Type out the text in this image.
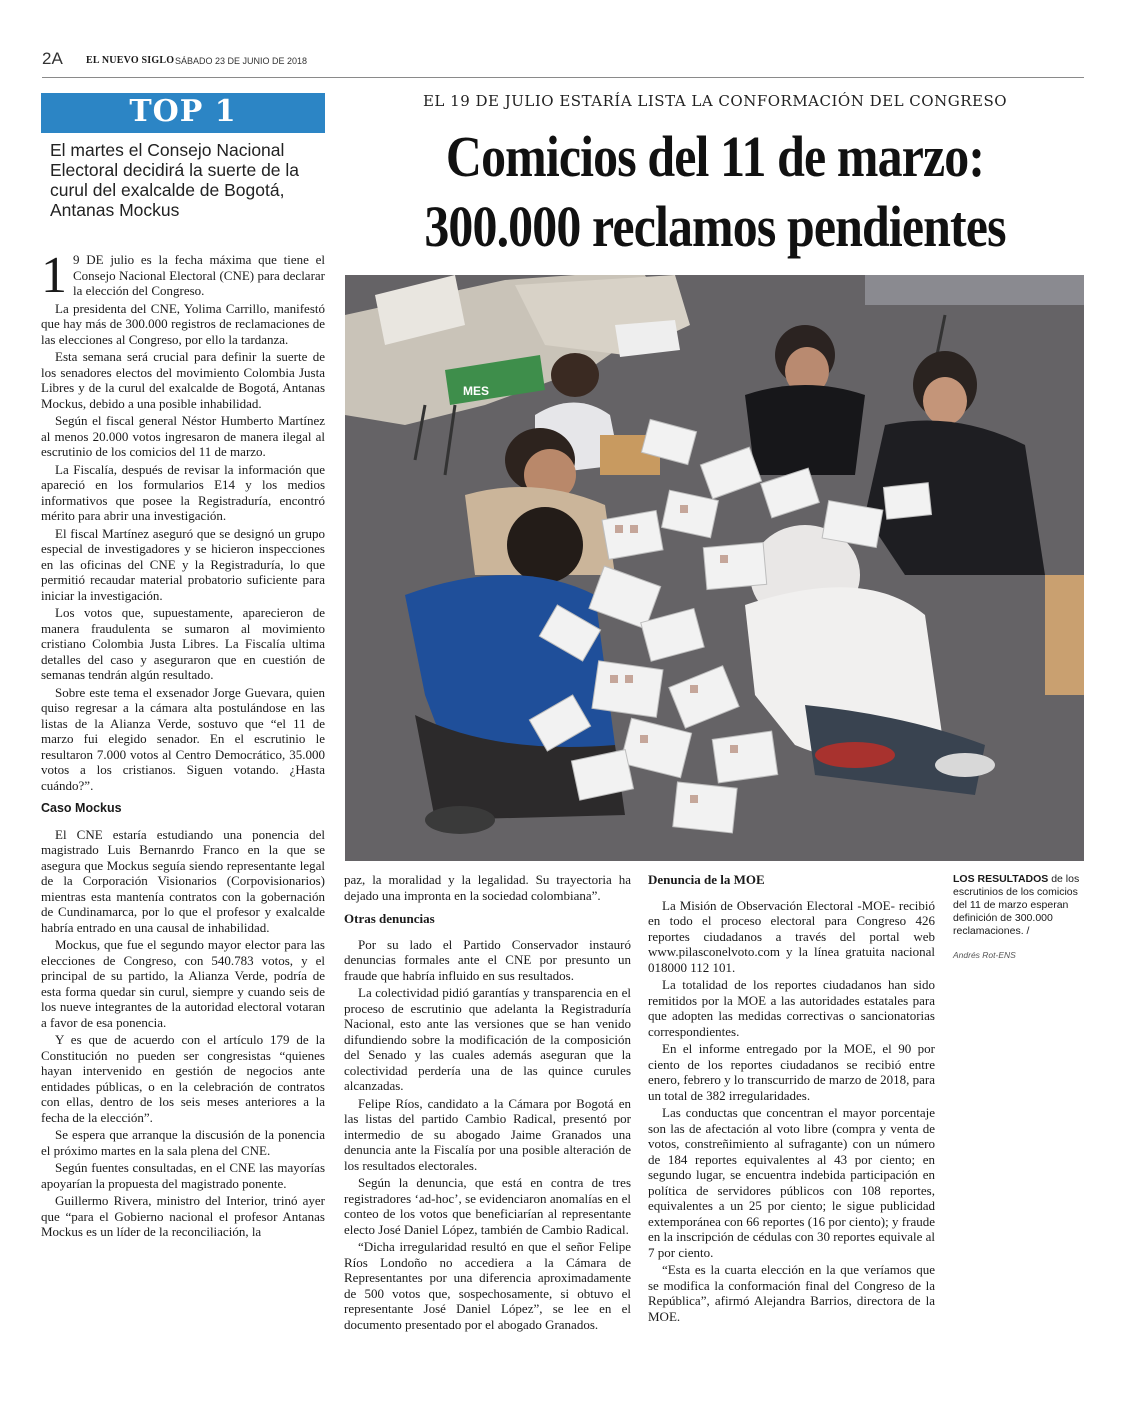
2A EL NUEVO SIGLO SÁBADO 23 DE JUNIO DE 2018
TOP 1
El martes el Consejo Nacional Electoral decidirá la suerte de la curul del exalcalde de Bogotá, Antanas Mockus
EL 19 DE JULIO ESTARÍA LISTA LA CONFORMACIÓN DEL CONGRESO
Comicios del 11 de marzo:
300.000 reclamos pendientes
MES
1 9 DE julio es la fecha máxima que tiene el Consejo Nacional Electoral (CNE) para declarar la elección del Congreso.

La presidenta del CNE, Yolima Carrillo, manifestó que hay más de 300.000 registros de reclamaciones de las elecciones al Congreso, por ello la tardanza.

Esta semana será crucial para definir la suerte de los senadores electos del movimiento Colombia Justa Libres y de la curul del exalcalde de Bogotá, Antanas Mockus, debido a una posible inhabilidad.

Según el fiscal general Néstor Humberto Martínez al menos 20.000 votos ingresaron de manera ilegal al escrutinio de los comicios del 11 de marzo.

La Fiscalía, después de revisar la información que apareció en los formularios E14 y los medios informativos que posee la Registraduría, encontró mérito para abrir una investigación.

El fiscal Martínez aseguró que se designó un grupo especial de investigadores y se hicieron inspecciones en las oficinas del CNE y la Registraduría, lo que permitió recaudar material probatorio suficiente para iniciar la investigación.

Los votos que, supuestamente, aparecieron de manera fraudulenta se sumaron al movimiento cristiano Colombia Justa Libres. La Fiscalía ultima detalles del caso y aseguraron que en cuestión de semanas tendrán algún resultado.

Sobre este tema el exsenador Jorge Guevara, quien quiso regresar a la cámara alta postulándose en las listas de la Alianza Verde, sostuvo que “el 11 de marzo fui elegido senador. En el escrutinio le resultaron 7.000 votos al Centro Democrático, 35.000 votos a los cristianos. Siguen votando. ¿Hasta cuándo?”.

Caso Mockus

El CNE estaría estudiando una ponencia del magistrado Luis Bernanrdo Franco en la que se asegura que Mockus seguía siendo representante legal de la Corporación Visionarios (Corpovisionarios) mientras esta mantenía contratos con la gobernación de Cundinamarca, por lo que el profesor y exalcalde habría entrado en una causal de inhabilidad.

Mockus, que fue el segundo mayor elector para las elecciones de Congreso, con 540.783 votos, y el principal de su partido, la Alianza Verde, podría de esta forma quedar sin curul, siempre y cuando seis de los nueve integrantes de la autoridad electoral votaran a favor de esa ponencia.

Y es que de acuerdo con el artículo 179 de la Constitución no pueden ser congresistas “quienes hayan intervenido en gestión de negocios ante entidades públicas, o en la celebración de contratos con ellas, dentro de los seis meses anteriores a la fecha de la elección”.

Se espera que arranque la discusión de la ponencia el próximo martes en la sala plena del CNE.

Según fuentes consultadas, en el CNE las mayorías apoyarían la propuesta del magistrado ponente.

Guillermo Rivera, ministro del Interior, trinó ayer que “para el Gobierno nacional el profesor Antanas Mockus es un líder de la reconciliación, la

paz, la moralidad y la legalidad. Su trayectoria ha dejado una impronta en la sociedad colombiana”.

Otras denuncias

Por su lado el Partido Conservador instauró denuncias formales ante el CNE por presunto un fraude que habría influido en sus resultados.

La colectividad pidió garantías y transparencia en el proceso de escrutinio que adelanta la Registraduría Nacional, esto ante las versiones que se han venido difundiendo sobre la modificación de la composición del Senado y las cuales además aseguran que la colectividad perdería una de las quince curules alcanzadas.

Felipe Ríos, candidato a la Cámara por Bogotá en las listas del partido Cambio Radical, presentó por intermedio de su abogado Jaime Granados una denuncia ante la Fiscalía por una posible alteración de los resultados electorales.

Según la denuncia, que está en contra de tres registradores ‘ad-hoc’, se evidenciaron anomalías en el conteo de los votos que beneficiarían al representante electo José Daniel López, también de Cambio Radical.

“Dicha irregularidad resultó en que el señor Felipe Ríos Londoño no accediera a la Cámara de Representantes por una diferencia aproximadamente de 500 votos que, sospechosamente, si obtuvo el representante José Daniel López”, se lee en el documento presentado por el abogado Granados.

Denuncia de la MOE

La Misión de Observación Electoral -MOE- recibió en todo el proceso electoral para Congreso 426 reportes ciudadanos a través del portal web www.pilasconelvoto.com y la línea gratuita nacional 018000 112 101.

La totalidad de los reportes ciudadanos han sido remitidos por la MOE a las autoridades estatales para que adopten las medidas correctivas o sancionatorias correspondientes.

En el informe entregado por la MOE, el 90 por ciento de los reportes ciudadanos se recibió entre enero, febrero y lo transcurrido de marzo de 2018, para un total de 382 irregularidades.

Las conductas que concentran el mayor porcentaje son las de afectación al voto libre (compra y venta de votos, constreñimiento al sufragante) con un número de 184 reportes equivalentes al 43 por ciento; en segundo lugar, se encuentra indebida participación en política de servidores públicos con 108 reportes, equivalentes a un 25 por ciento; le sigue publicidad extemporánea con 66 reportes (16 por ciento); y fraude en la inscripción de cédulas con 30 reportes equivale al 7 por ciento.

“Esta es la cuarta elección en la que veríamos que se modifica la conformación final del Congreso de la República”, afirmó Alejandra Barrios, directora de la MOE.

LOS RESULTADOS de los escrutinios de los comicios del 11 de marzo esperan definición de 300.000 reclamaciones. /
Andrés Rot-ENS
